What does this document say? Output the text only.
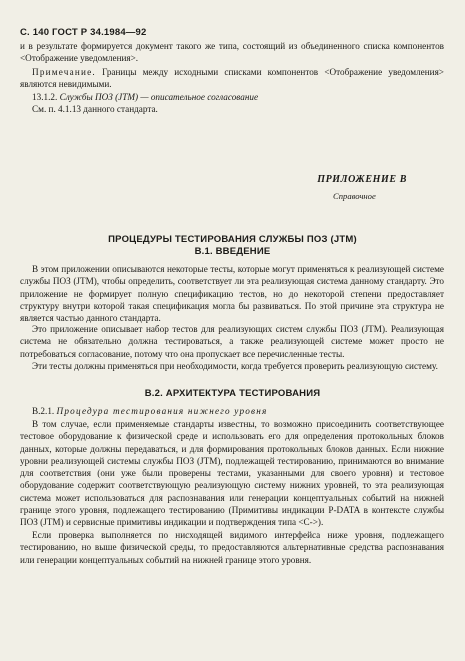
С. 140 ГОСТ Р 34.1984—92

и в результате формируется документ такого же типа, состоящий из объединенного списка компонентов <Отображение уведомления>.

Примечание. Границы между исходными списками компонентов <Отображение уведомления> являются невидимыми.

13.1.2. Службы ПОЗ (JTM) — описательное согласование

См. п. 4.1.13 данного стандарта.

ПРИЛОЖЕНИЕ В
Справочное
ПРОЦЕДУРЫ ТЕСТИРОВАНИЯ СЛУЖБЫ ПОЗ (JTM)
В.1. ВВЕДЕНИЕ

В этом приложении описываются некоторые тесты, которые могут применяться к реализующей системе службы ПОЗ (JTM), чтобы определить, соответствует ли эта реализующая система данному стандарту. Это приложение не формирует полную спецификацию тестов, но до некоторой степени предоставляет структуру внутри которой такая спецификация могла бы развиваться. По этой причине эта структура не является частью данного стандарта.

Это приложение описывает набор тестов для реализующих систем службы ПОЗ (JTM). Реализующая система не обязательно должна тестироваться, а также реализующей системе может просто не потребоваться согласование, потому что она пропускает все перечисленные тесты.

Эти тесты должны применяться при необходимости, когда требуется проверить реализующую систему.

В.2. АРХИТЕКТУРА ТЕСТИРОВАНИЯ

В.2.1. Процедура тестирования нижнего уровня

В том случае, если применяемые стандарты известны, то возможно присоединить соответствующее тестовое оборудование к физической среде и использовать его для определения протокольных блоков данных, которые должны передаваться, и для формирования протокольных блоков данных. Если нижние уровни реализующей системы службы ПОЗ (JTM), подлежащей тестированию, принимаются во внимание для соответствия (они уже были проверены тестами, указанными для своего уровня) и тестовое оборудование содержит соответствующую реализующую систему нижних уровней, то эта реализующая система может использоваться для распознавания или генерации концептуальных событий на нижней границе этого уровня, подлежащего тестированию (Примитивы индикации P-DATA в контексте службы ПОЗ (JTM) и сервисные примитивы индикации и подтверждения типа <С->).

Если проверка выполняется по нисходящей видимого интерфейса ниже уровня, подлежащего тестированию, но выше физической среды, то предоставляются альтернативные средства распознавания или генерации концептуальных событий на нижней границе этого уровня.
